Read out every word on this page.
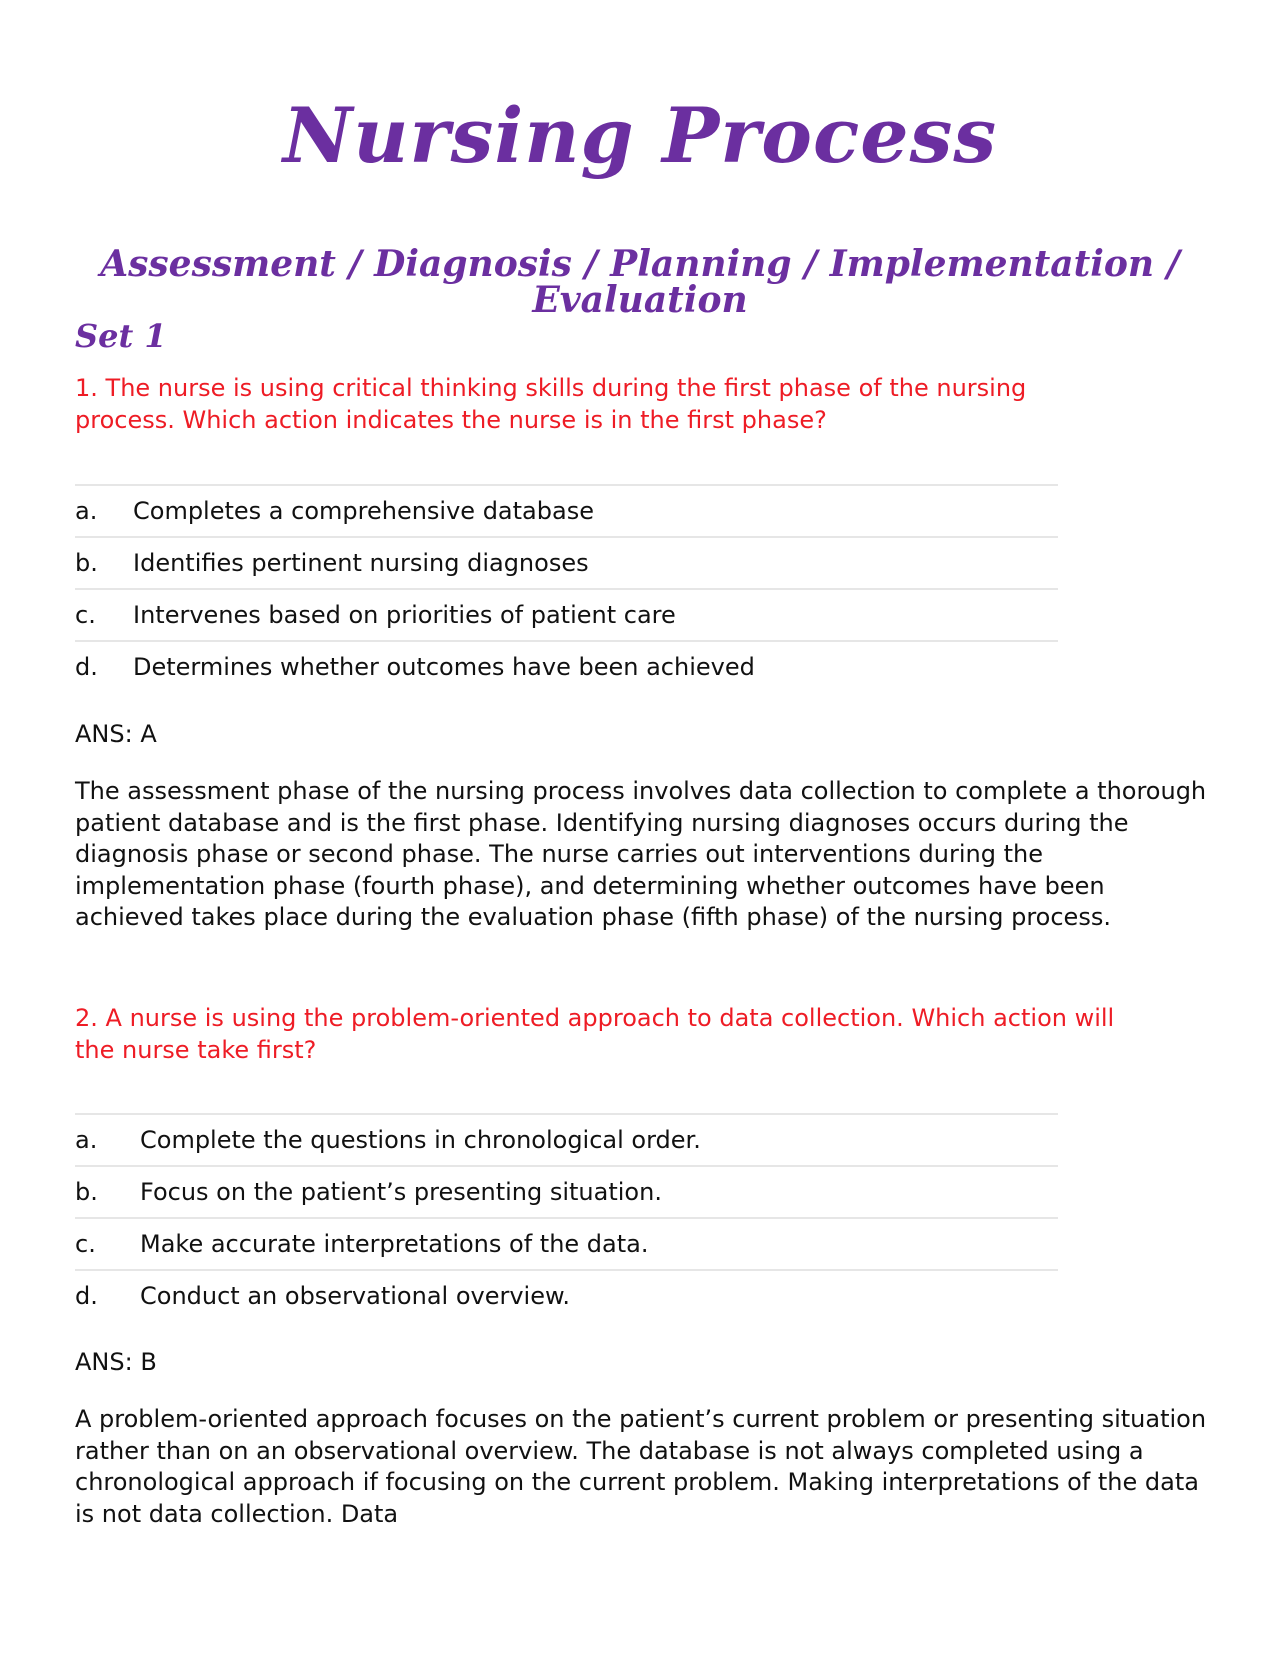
Nursing Process
Assessment / Diagnosis / Planning / Implementation / Evaluation
Set 1

1. The nurse is using critical thinking skills during the first phase of the nursing process. Which action indicates the nurse is in the first phase?

a.	Completes a comprehensive database
b.	Identifies pertinent nursing diagnoses
c.	Intervenes based on priorities of patient care
d.	Determines whether outcomes have been achieved

ANS: A

The assessment phase of the nursing process involves data collection to complete a thorough patient database and is the first phase. Identifying nursing diagnoses occurs during the diagnosis phase or second phase. The nurse carries out interventions during the implementation phase (fourth phase), and determining whether outcomes have been achieved takes place during the evaluation phase (fifth phase) of the nursing process.

2. A nurse is using the problem-oriented approach to data collection. Which action will the nurse take first?

a.	Complete the questions in chronological order.
b.	Focus on the patient’s presenting situation.
c.	Make accurate interpretations of the data.
d.	Conduct an observational overview.

ANS: B

A problem-oriented approach focuses on the patient’s current problem or presenting situation rather than on an observational overview. The database is not always completed using a chronological approach if focusing on the current problem. Making interpretations of the data is not data collection. Data
